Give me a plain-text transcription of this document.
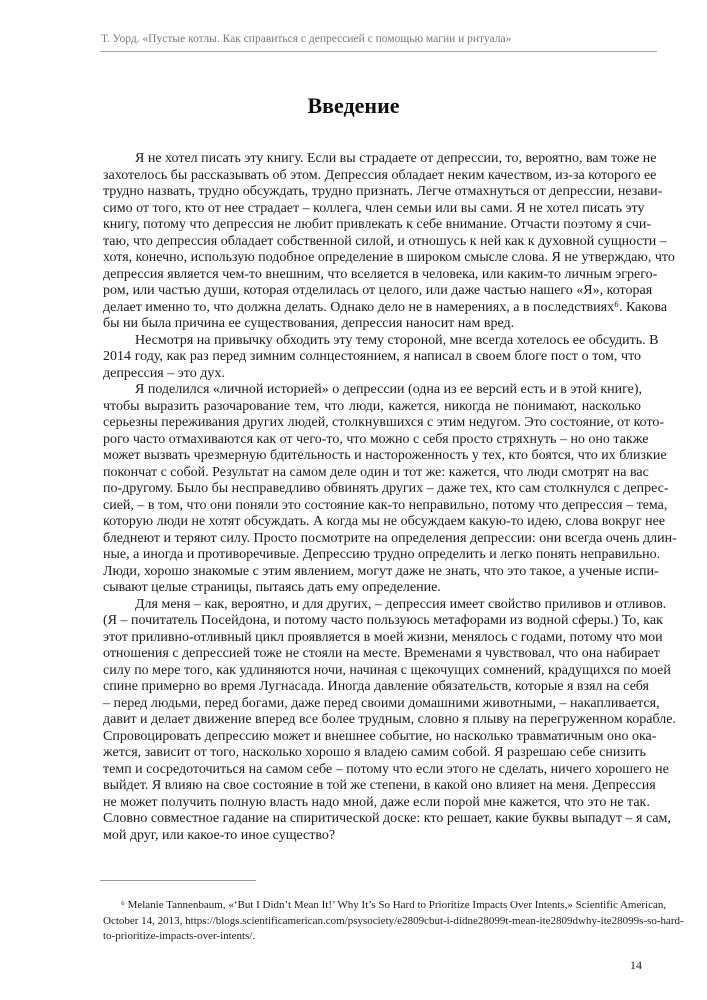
Т. Уорд. «Пустые котлы. Как справиться с депрессией с помощью магии и ритуала»
Введение
Я не хотел писать эту книгу. Если вы страдаете от депрессии, то, вероятно, вам тоже не
захотелось бы рассказывать об этом. Депрессия обладает неким качеством, из-за которого ее
трудно назвать, трудно обсуждать, трудно признать. Легче отмахнуться от депрессии, незави-
симо от того, кто от нее страдает – коллега, член семьи или вы сами. Я не хотел писать эту
книгу, потому что депрессия не любит привлекать к себе внимание. Отчасти поэтому я счи-
таю, что депрессия обладает собственной силой, и отношусь к ней как к духовной сущности –
хотя, конечно, использую подобное определение в широком смысле слова. Я не утверждаю, что
депрессия является чем-то внешним, что вселяется в человека, или каким-то личным эгрего-
ром, или частью души, которая отделилась от целого, или даже частью нашего «Я», которая
делает именно то, что должна делать. Однако дело не в намерениях, а в последствиях⁶. Какова
бы ни была причина ее существования, депрессия наносит нам вред.
Несмотря на привычку обходить эту тему стороной, мне всегда хотелось ее обсудить. В
2014 году, как раз перед зимним солнцестоянием, я написал в своем блоге пост о том, что
депрессия – это дух.
Я поделился «личной историей» о депрессии (одна из ее версий есть и в этой книге),
чтобы выразить разочарование тем, что люди, кажется, никогда не понимают, насколько
серьезны переживания других людей, столкнувшихся с этим недугом. Это состояние, от кото-
рого часто отмахиваются как от чего-то, что можно с себя просто стряхнуть – но оно также
может вызвать чрезмерную бдительность и настороженность у тех, кто боятся, что их близкие
покончат с собой. Результат на самом деле один и тот же: кажется, что люди смотрят на вас
по-другому. Было бы несправедливо обвинять других – даже тех, кто сам столкнулся с депрес-
сией, – в том, что они поняли это состояние как-то неправильно, потому что депрессия – тема,
которую люди не хотят обсуждать. А когда мы не обсуждаем какую-то идею, слова вокруг нее
бледнеют и теряют силу. Просто посмотрите на определения депрессии: они всегда очень длин-
ные, а иногда и противоречивые. Депрессию трудно определить и легко понять неправильно.
Люди, хорошо знакомые с этим явлением, могут даже не знать, что это такое, а ученые испи-
сывают целые страницы, пытаясь дать ему определение.
Для меня – как, вероятно, и для других, – депрессия имеет свойство приливов и отливов.
(Я – почитатель Посейдона, и потому часто пользуюсь метафорами из водной сферы.) То, как
этот приливно-отливный цикл проявляется в моей жизни, менялось с годами, потому что мои
отношения с депрессией тоже не стояли на месте. Временами я чувствовал, что она набирает
силу по мере того, как удлиняются ночи, начиная с щекочущих сомнений, крадущихся по моей
спине примерно во время Лугнасада. Иногда давление обязательств, которые я взял на себя
– перед людьми, перед богами, даже перед своими домашними животными, – накапливается,
давит и делает движение вперед все более трудным, словно я плыву на перегруженном корабле.
Спровоцировать депрессию может и внешнее событие, но насколько травматичным оно ока-
жется, зависит от того, насколько хорошо я владею самим собой. Я разрешаю себе снизить
темп и сосредоточиться на самом себе – потому что если этого не сделать, ничего хорошего не
выйдет. Я влияю на свое состояние в той же степени, в какой оно влияет на меня. Депрессия
не может получить полную власть надо мной, даже если порой мне кажется, что это не так.
Словно совместное гадание на спиритической доске: кто решает, какие буквы выпадут – я сам,
мой друг, или какое-то иное существо?
⁶ Melanie Tannenbaum, «‘But I Didn’t Mean It!’ Why It’s So Hard to Prioritize Impacts Over Intents,» Scientific American,
October 14, 2013, https://blogs.scientificamerican.com/psysociety/e2809cbut-i-didne28099t-mean-ite2809dwhy-ite28099s-so-hard-
to-prioritize-impacts-over-intents/.
14
